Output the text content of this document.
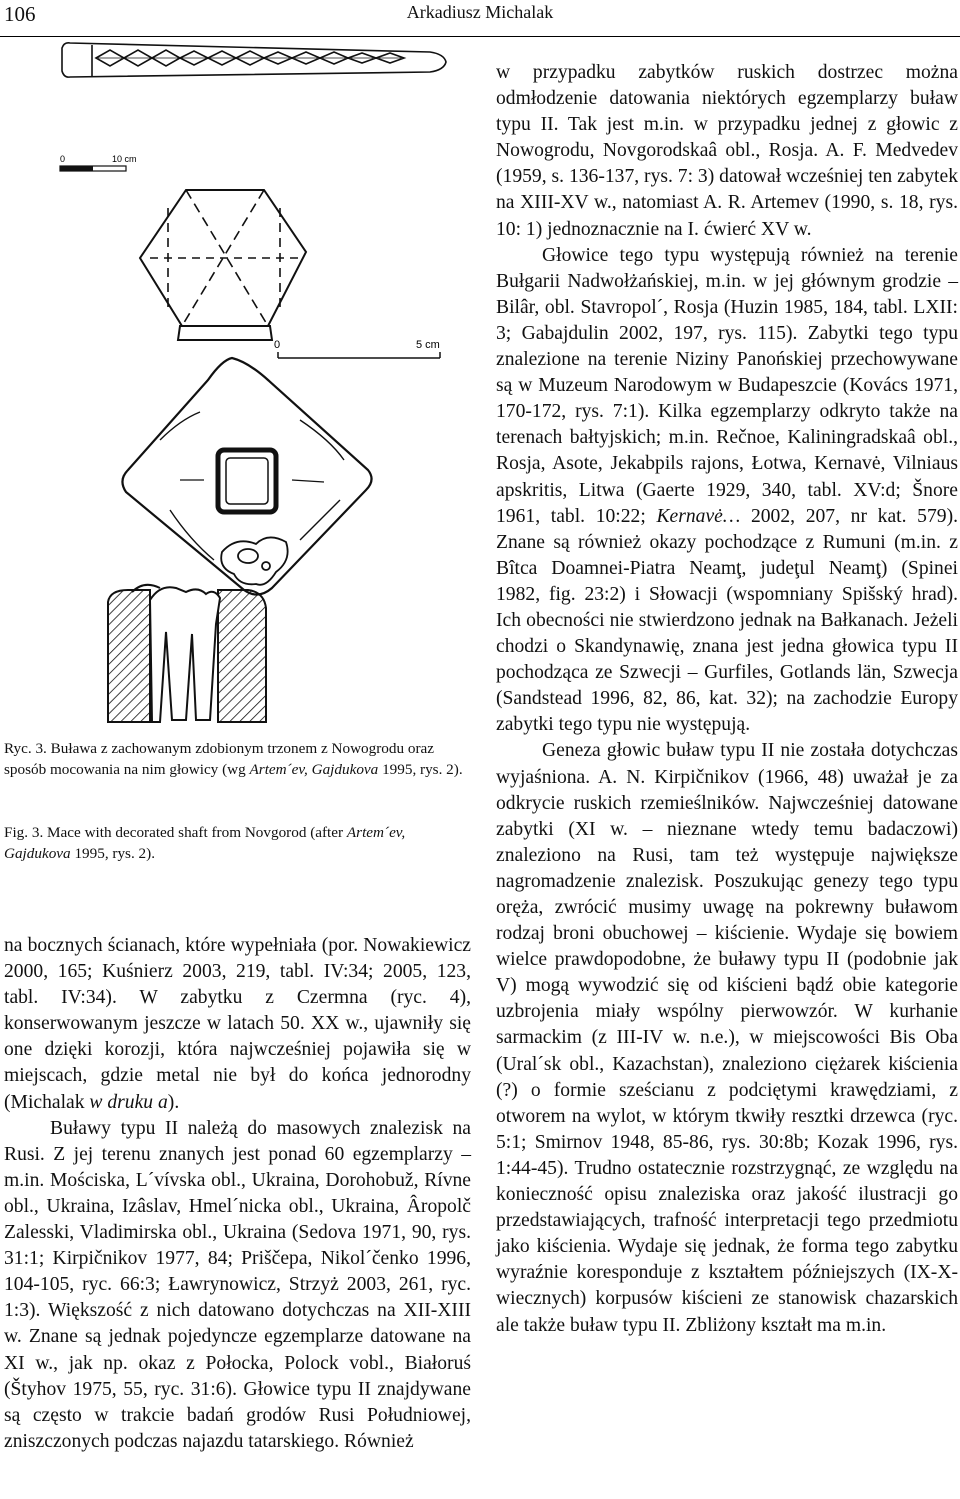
106	Arkadiusz Michalak
0	10 cm
0	5 cm
Ryc. 3. Buława z zachowanym zdobionym trzonem z Nowogrodu oraz sposób mocowania na nim głowicy (wg Artem´ev, Gajdukova 1995, rys. 2).
Fig. 3. Mace with decorated shaft from Novgorod (after Artem´ev, Gajdukova 1995, rys. 2).

na bocznych ścianach, które wypełniała (por. Nowakiewicz 2000, 165; Kuśnierz 2003, 219, tabl. IV:34; 2005, 123, tabl. IV:34). W zabytku z Czermna (ryc. 4), konserwowanym jeszcze w latach 50. XX w., ujawniły się one dzięki korozji, która najwcześniej pojawiła się w miejscach, gdzie metal nie był do końca jednorodny (Michalak w druku a).

Buławy typu II należą do masowych znalezisk na Rusi. Z jej terenu znanych jest ponad 60 egzemplarzy – m.in. Mościska, L´vívska obl., Ukraina, Dorohobuž, Rívne obl., Ukraina, Izâslav, Hmel´nicka obl., Ukraina, Âropolč Zalesski, Vladimirska obl., Ukraina (Sedova 1971, 90, rys. 31:1; Kirpičnikov 1977, 84; Priščepa, Nikol´čenko 1996, 104-105, ryc. 66:3; Ławrynowicz, Strzyż 2003, 261, ryc. 1:3). Większość z nich datowano dotychczas na XII-XIII w. Znane są jednak pojedyncze egzemplarze datowane na XI w., jak np. okaz z Połocka, Polock vobl., Białoruś (Štyhov 1975, 55, ryc. 31:6). Głowice typu II znajdywane są często w trakcie badań grodów Rusi Południowej, zniszczonych podczas najazdu tatarskiego. Również

w przypadku zabytków ruskich dostrzec można odmłodzenie datowania niektórych egzemplarzy buław typu II. Tak jest m.in. w przypadku jednej z głowic z Nowogrodu, Novgorodskaâ obl., Rosja. A. F. Medvedev (1959, s. 136-137, rys. 7: 3) datował wcześniej ten zabytek na XIII-XV w., natomiast A. R. Artemev (1990, s. 18, rys. 10: 1) jednoznacznie na I. ćwierć XV w.

Głowice tego typu występują również na terenie Bułgarii Nadwołżańskiej, m.in. w jej głównym grodzie – Bilâr, obl. Stavropol´, Rosja (Huzin 1985, 184, tabl. LXII: 3; Gabajdulin 2002, 197, rys. 115). Zabytki tego typu znalezione na terenie Niziny Panońskiej przechowywane są w Muzeum Narodowym w Budapeszcie (Kovács 1971, 170-172, rys. 7:1). Kilka egzemplarzy odkryto także na terenach bałtyjskich; m.in. Rečnoe, Kaliningradskaâ obl., Rosja, Asote, Jekabpils rajons, Łotwa, Kernavė, Vilniaus apskritis, Litwa (Gaerte 1929, 340, tabl. XV:d; Šnore 1961, tabl. 10:22; Kernavė… 2002, 207, nr kat. 579). Znane są również okazy pochodzące z Rumuni (m.in. z Bîtca Doamnei-Piatra Neamţ, judeţul Neamţ) (Spinei 1982, fig. 23:2) i Słowacji (wspomniany Spišský hrad). Ich obecności nie stwierdzono jednak na Bałkanach. Jeżeli chodzi o Skandynawię, znana jest jedna głowica typu II pochodząca ze Szwecji – Gurfiles, Gotlands län, Szwecja (Sandstead 1996, 82, 86, kat. 32); na zachodzie Europy zabytki tego typu nie występują.

Geneza głowic buław typu II nie została dotychczas wyjaśniona. A. N. Kirpičnikov (1966, 48) uważał je za odkrycie ruskich rzemieślników. Najwcześniej datowane zabytki (XI w. – nieznane wtedy temu badaczowi) znaleziono na Rusi, tam też występuje największe nagromadzenie znalezisk. Poszukując genezy tego typu oręża, zwrócić musimy uwagę na pokrewny buławom rodzaj broni obuchowej – kiścienie. Wydaje się bowiem wielce prawdopodobne, że buławy typu II (podobnie jak V) mogą wywodzić się od kiścieni bądź obie kategorie uzbrojenia miały wspólny pierwowzór. W kurhanie sarmackim (z III-IV w. n.e.), w miejscowości Bis Oba (Ural´sk obl., Kazachstan), znaleziono ciężarek kiścienia (?) o formie sześcianu z podciętymi krawędziami, z otworem na wylot, w którym tkwiły resztki drzewca (ryc. 5:1; Smirnov 1948, 85-86, rys. 30:8b; Kozak 1996, rys. 1:44-45). Trudno ostatecznie rozstrzygnąć, ze względu na konieczność opisu znaleziska oraz jakość ilustracji go przedstawiających, trafność interpretacji tego przedmiotu jako kiścienia. Wydaje się jednak, że forma tego zabytku wyraźnie koresponduje z kształtem późniejszych (IX-X-wiecznych) korpusów kiścieni ze stanowisk chazarskich ale także buław typu II. Zbliżony kształt ma m.in.
